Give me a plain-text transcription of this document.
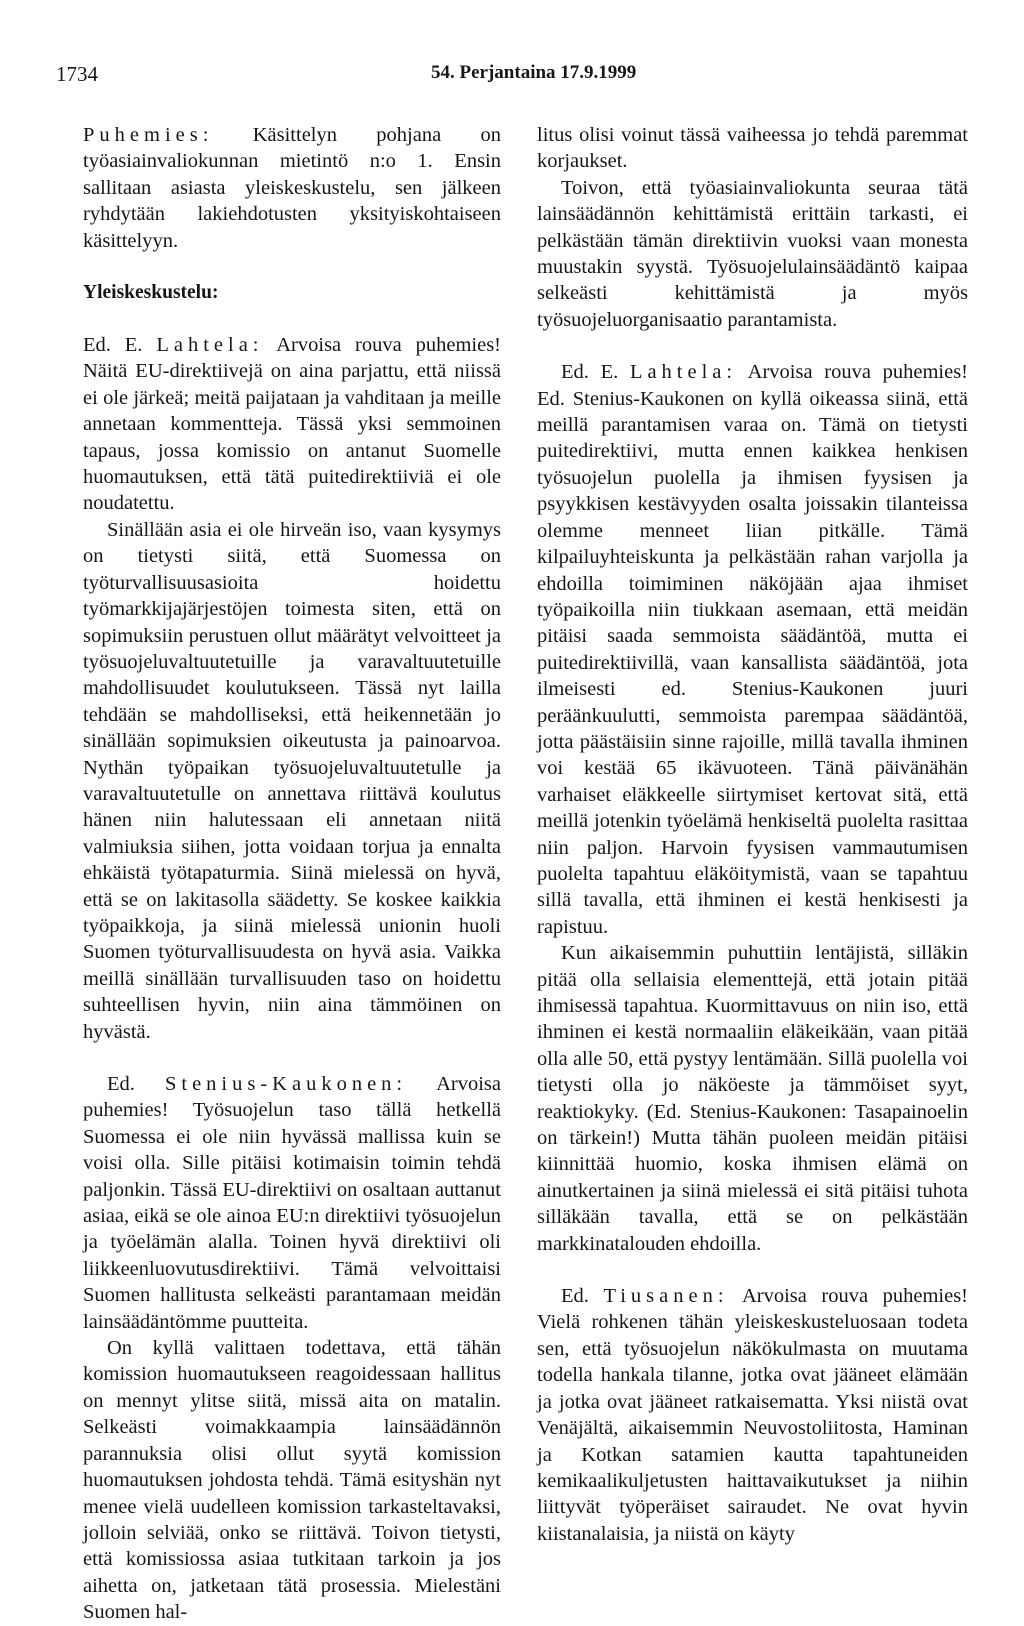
1734	54. Perjantaina 17.9.1999

Puhemies: Käsittelyn pohjana on työasiainvaliokunnan mietintö n:o 1. Ensin sallitaan asiasta yleiskeskustelu, sen jälkeen ryhdytään lakiehdotusten yksityiskohtaiseen käsittelyyn.

Yleiskeskustelu:

Ed. E. Lahtela: Arvoisa rouva puhemies! Näitä EU-direktiivejä on aina parjattu, että niissä ei ole järkeä; meitä paijataan ja vahditaan ja meille annetaan kommentteja. Tässä yksi semmoinen tapaus, jossa komissio on antanut Suomelle huomautuksen, että tätä puitedirektiiviä ei ole noudatettu.

Sinällään asia ei ole hirveän iso, vaan kysymys on tietysti siitä, että Suomessa on työturvallisuusasioita hoidettu työmarkkijajärjestöjen toimesta siten, että on sopimuksiin perustuen ollut määrätyt velvoitteet ja työsuojeluvaltuutetuille ja varavaltuutetuille mahdollisuudet koulutukseen. Tässä nyt lailla tehdään se mahdolliseksi, että heikennetään jo sinällään sopimuksien oikeutusta ja painoarvoa. Nythän työpaikan työsuojeluvaltuutetulle ja varavaltuutetulle on annettava riittävä koulutus hänen niin halutessaan eli annetaan niitä valmiuksia siihen, jotta voidaan torjua ja ennalta ehkäistä työtapaturmia. Siinä mielessä on hyvä, että se on lakitasolla säädetty. Se koskee kaikkia työpaikkoja, ja siinä mielessä unionin huoli Suomen työturvallisuudesta on hyvä asia. Vaikka meillä sinällään turvallisuuden taso on hoidettu suhteellisen hyvin, niin aina tämmöinen on hyvästä.

Ed. Stenius-Kaukonen: Arvoisa puhemies! Työsuojelun taso tällä hetkellä Suomessa ei ole niin hyvässä mallissa kuin se voisi olla. Sille pitäisi kotimaisin toimin tehdä paljonkin. Tässä EU-direktiivi on osaltaan auttanut asiaa, eikä se ole ainoa EU:n direktiivi työsuojelun ja työelämän alalla. Toinen hyvä direktiivi oli liikkeenluovutusdirektiivi. Tämä velvoittaisi Suomen hallitusta selkeästi parantamaan meidän lainsäädäntömme puutteita.

On kyllä valittaen todettava, että tähän komission huomautukseen reagoidessaan hallitus on mennyt ylitse siitä, missä aita on matalin. Selkeästi voimakkaampia lainsäädännön parannuksia olisi ollut syytä komission huomautuksen johdosta tehdä. Tämä esityshän nyt menee vielä uudelleen komission tarkasteltavaksi, jolloin selviää, onko se riittävä. Toivon tietysti, että komissiossa asiaa tutkitaan tarkoin ja jos aihetta on, jatketaan tätä prosessia. Mielestäni Suomen hal-

litus olisi voinut tässä vaiheessa jo tehdä paremmat korjaukset.

Toivon, että työasiainvaliokunta seuraa tätä lainsäädännön kehittämistä erittäin tarkasti, ei pelkästään tämän direktiivin vuoksi vaan monesta muustakin syystä. Työsuojelulainsäädäntö kaipaa selkeästi kehittämistä ja myös työsuojeluorganisaatio parantamista.

Ed. E. Lahtela: Arvoisa rouva puhemies! Ed. Stenius-Kaukonen on kyllä oikeassa siinä, että meillä parantamisen varaa on. Tämä on tietysti puitedirektiivi, mutta ennen kaikkea henkisen työsuojelun puolella ja ihmisen fyysisen ja psyykkisen kestävyyden osalta joissakin tilanteissa olemme menneet liian pitkälle. Tämä kilpailuyhteiskunta ja pelkästään rahan varjolla ja ehdoilla toimiminen näköjään ajaa ihmiset työpaikoilla niin tiukkaan asemaan, että meidän pitäisi saada semmoista säädäntöä, mutta ei puitedirektiivillä, vaan kansallista säädäntöä, jota ilmeisesti ed. Stenius-Kaukonen juuri peräänkuulutti, semmoista parempaa säädäntöä, jotta päästäisiin sinne rajoille, millä tavalla ihminen voi kestää 65 ikävuoteen. Tänä päivänähän varhaiset eläkkeelle siirtymiset kertovat sitä, että meillä jotenkin työelämä henkiseltä puolelta rasittaa niin paljon. Harvoin fyysisen vammautumisen puolelta tapahtuu eläköitymistä, vaan se tapahtuu sillä tavalla, että ihminen ei kestä henkisesti ja rapistuu.

Kun aikaisemmin puhuttiin lentäjistä, silläkin pitää olla sellaisia elementtejä, että jotain pitää ihmisessä tapahtua. Kuormittavuus on niin iso, että ihminen ei kestä normaaliin eläkeikään, vaan pitää olla alle 50, että pystyy lentämään. Sillä puolella voi tietysti olla jo näköeste ja tämmöiset syyt, reaktiokyky. (Ed. Stenius-Kaukonen: Tasapainoelin on tärkein!) Mutta tähän puoleen meidän pitäisi kiinnittää huomio, koska ihmisen elämä on ainutkertainen ja siinä mielessä ei sitä pitäisi tuhota silläkään tavalla, että se on pelkästään markkinatalouden ehdoilla.

Ed. Tiusanen: Arvoisa rouva puhemies! Vielä rohkenen tähän yleiskeskusteluosaan todeta sen, että työsuojelun näkökulmasta on muutama todella hankala tilanne, jotka ovat jääneet elämään ja jotka ovat jääneet ratkaisematta. Yksi niistä ovat Venäjältä, aikaisemmin Neuvostoliitosta, Haminan ja Kotkan satamien kautta tapahtuneiden kemikaalikuljetusten haittavaikutukset ja niihin liittyvät työperäiset sairaudet. Ne ovat hyvin kiistanalaisia, ja niistä on käyty
